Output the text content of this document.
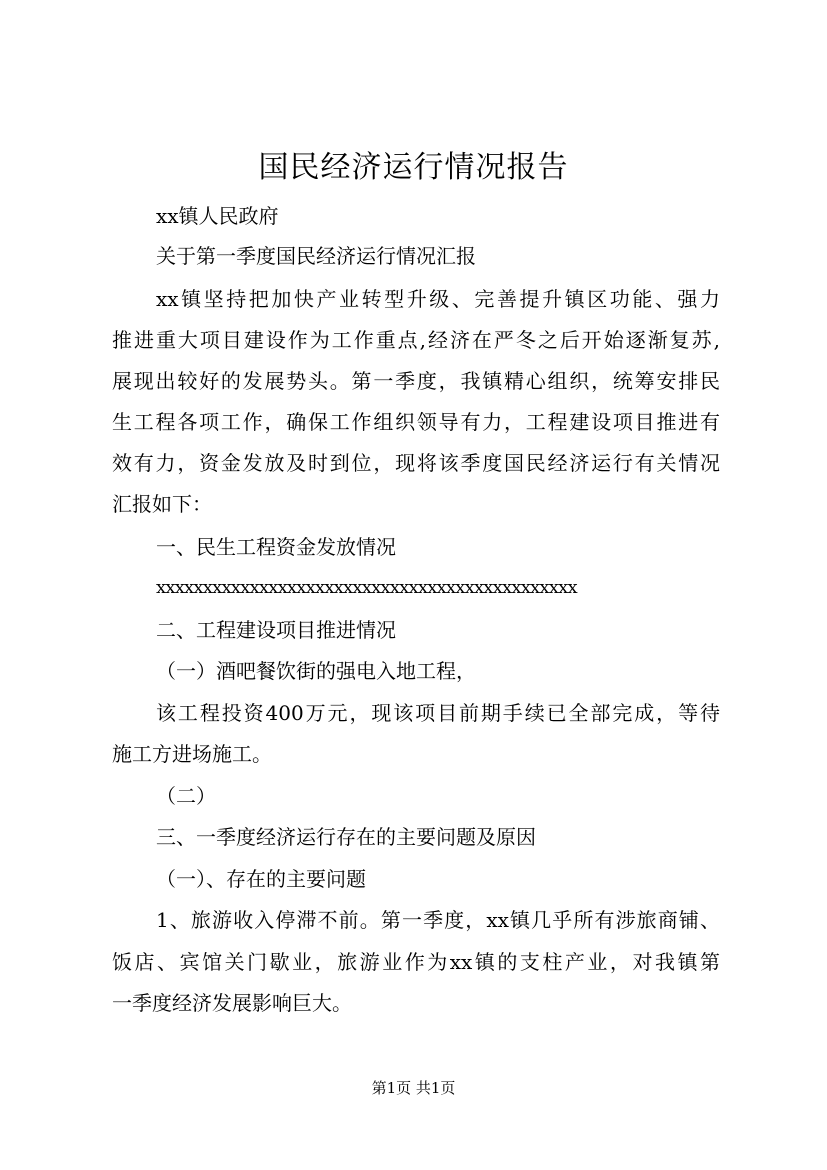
国民经济运行情况报告
xx镇人民政府
关于第一季度国民经济运行情况汇报
xx镇坚持把加快产业转型升级、完善提升镇区功能、强力
推进重大项目建设作为工作重点,经济在严冬之后开始逐渐复苏,
展现出较好的发展势头。第一季度，我镇精心组织，统筹安排民
生工程各项工作，确保工作组织领导有力，工程建设项目推进有
效有力，资金发放及时到位，现将该季度国民经济运行有关情况
汇报如下：
一、民生工程资金发放情况
xxxxxxxxxxxxxxxxxxxxxxxxxxxxxxxxxxxxxxxxxxxxx
二、工程建设项目推进情况
（一）酒吧餐饮街的强电入地工程，
该工程投资400万元，现该项目前期手续已全部完成，等待
施工方进场施工。
（二）
三、一季度经济运行存在的主要问题及原因
（一）、存在的主要问题
1、旅游收入停滞不前。第一季度，xx镇几乎所有涉旅商铺、
饭店、宾馆关门歇业，旅游业作为xx镇的支柱产业，对我镇第
一季度经济发展影响巨大。
第1页 共1页
